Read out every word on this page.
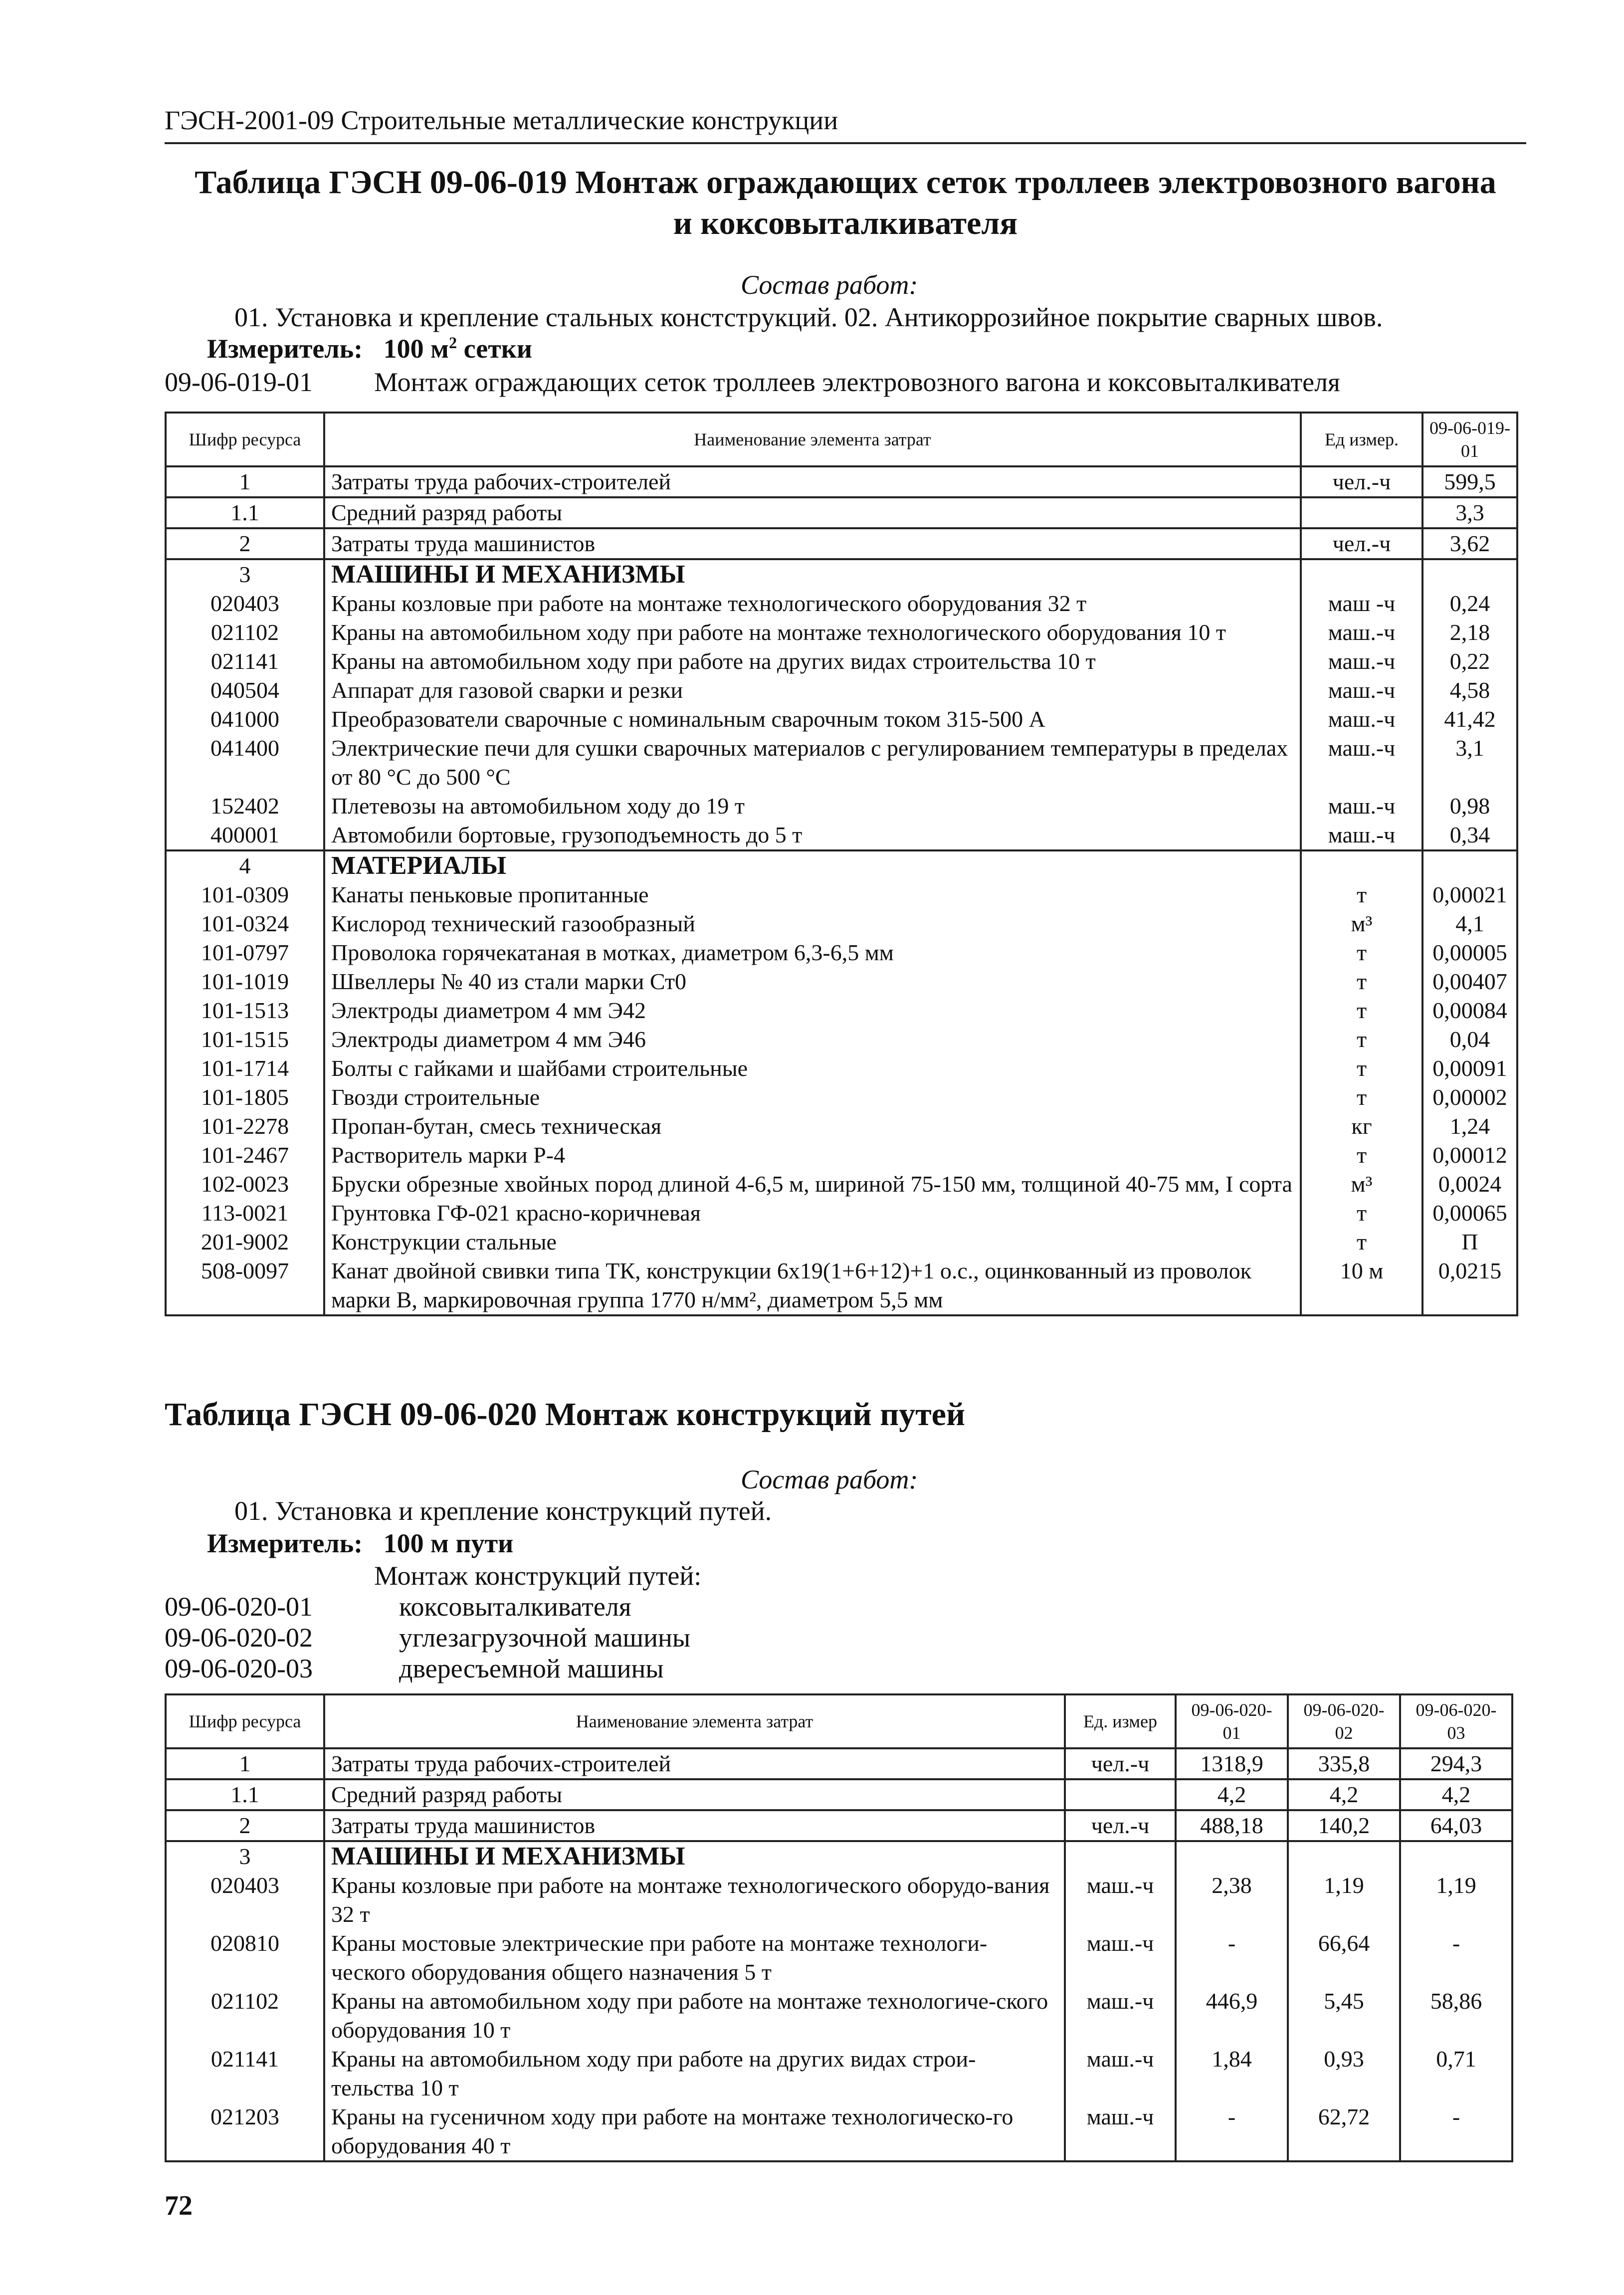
ГЭСН-2001-09 Строительные металлические конструкции
Таблица ГЭСН 09-06-019 Монтаж ограждающих сеток троллеев электровозного вагона
и коксовыталкивателя
Состав работ:
01. Установка и крепление стальных констструкций. 02. Антикоррозийное покрытие сварных швов.
Измеритель: 100 $м^2$ сетки
09-06-019-01 Монтаж ограждающих сеток троллеев электровозного вагона и коксовыталкивателя
Шифр ресурса	Наименование элемента затрат	Ед измер.	09-06-019-01
1	Затраты труда рабочих-строителей	чел.-ч	599,5
1.1	Средний разряд работы		3,3
2	Затраты труда машинистов	чел.-ч	3,62
3	МАШИНЫ И МЕХАНИЗМЫ		
020403	Краны козловые при работе на монтаже технологического оборудования 32 т	маш -ч	0,24
021102	Краны на автомобильном ходу при работе на монтаже технологического оборудования 10 т	маш.-ч	2,18
021141	Краны на автомобильном ходу при работе на других видах строительства 10 т	маш.-ч	0,22
040504	Аппарат для газовой сварки и резки	маш.-ч	4,58
041000	Преобразователи сварочные с номинальным сварочным током 315-500 А	маш.-ч	41,42
041400	Электрические печи для сушки сварочных материалов с регулированием температуры в пределах от 80 °С до 500 °С	маш.-ч	3,1
152402	Плетевозы на автомобильном ходу до 19 т	маш.-ч	0,98
400001	Автомобили бортовые, грузоподъемность до 5 т	маш.-ч	0,34
4	МАТЕРИАЛЫ		
101-0309	Канаты пеньковые пропитанные	т	0,00021
101-0324	Кислород технический газообразный	м³	4,1
101-0797	Проволока горячекатаная в мотках, диаметром 6,3-6,5 мм	т	0,00005
101-1019	Швеллеры № 40 из стали марки Ст0	т	0,00407
101-1513	Электроды диаметром 4 мм Э42	т	0,00084
101-1515	Электроды диаметром 4 мм Э46	т	0,04
101-1714	Болты с гайками и шайбами строительные	т	0,00091
101-1805	Гвозди строительные	т	0,00002
101-2278	Пропан-бутан, смесь техническая	кг	1,24
101-2467	Растворитель марки Р-4	т	0,00012
102-0023	Бруски обрезные хвойных пород длиной 4-6,5 м, шириной 75-150 мм, толщиной 40-75 мм, I сорта	м³	0,0024
113-0021	Грунтовка ГФ-021 красно-коричневая	т	0,00065
201-9002	Конструкции стальные	т	П
508-0097	Канат двойной свивки типа ТК, конструкции 6х19(1+6+12)+1 о.с., оцинкованный из проволок марки В, маркировочная группа 1770 н/мм², диаметром 5,5 мм	10 м	0,0215
Таблица ГЭСН 09-06-020 Монтаж конструкций путей
Состав работ:
01. Установка и крепление конструкций путей.
Измеритель: 100 м пути
Монтаж конструкций путей:
09-06-020-01	коксовыталкивателя
09-06-020-02	углезагрузочной машины
09-06-020-03	двересъемной машины
Шифр ресурса	Наименование элемента затрат	Ед. измер	09-06-020-01	09-06-020-02	09-06-020-03
1	Затраты труда рабочих-строителей	чел.-ч	1318,9	335,8	294,3
1.1	Средний разряд работы		4,2	4,2	4,2
2	Затраты труда машинистов	чел.-ч	488,18	140,2	64,03
3	МАШИНЫ И МЕХАНИЗМЫ				
020403	Краны козловые при работе на монтаже технологического оборудо-вания 32 т	маш.-ч	2,38	1,19	1,19
020810	Краны мостовые электрические при работе на монтаже технологи-ческого оборудования общего назначения 5 т	маш.-ч	-	66,64	-
021102	Краны на автомобильном ходу при работе на монтаже технологиче-ского оборудования 10 т	маш.-ч	446,9	5,45	58,86
021141	Краны на автомобильном ходу при работе на других видах строи-тельства 10 т	маш.-ч	1,84	0,93	0,71
021203	Краны на гусеничном ходу при работе на монтаже технологическо-го оборудования 40 т	маш.-ч	-	62,72	-
72
